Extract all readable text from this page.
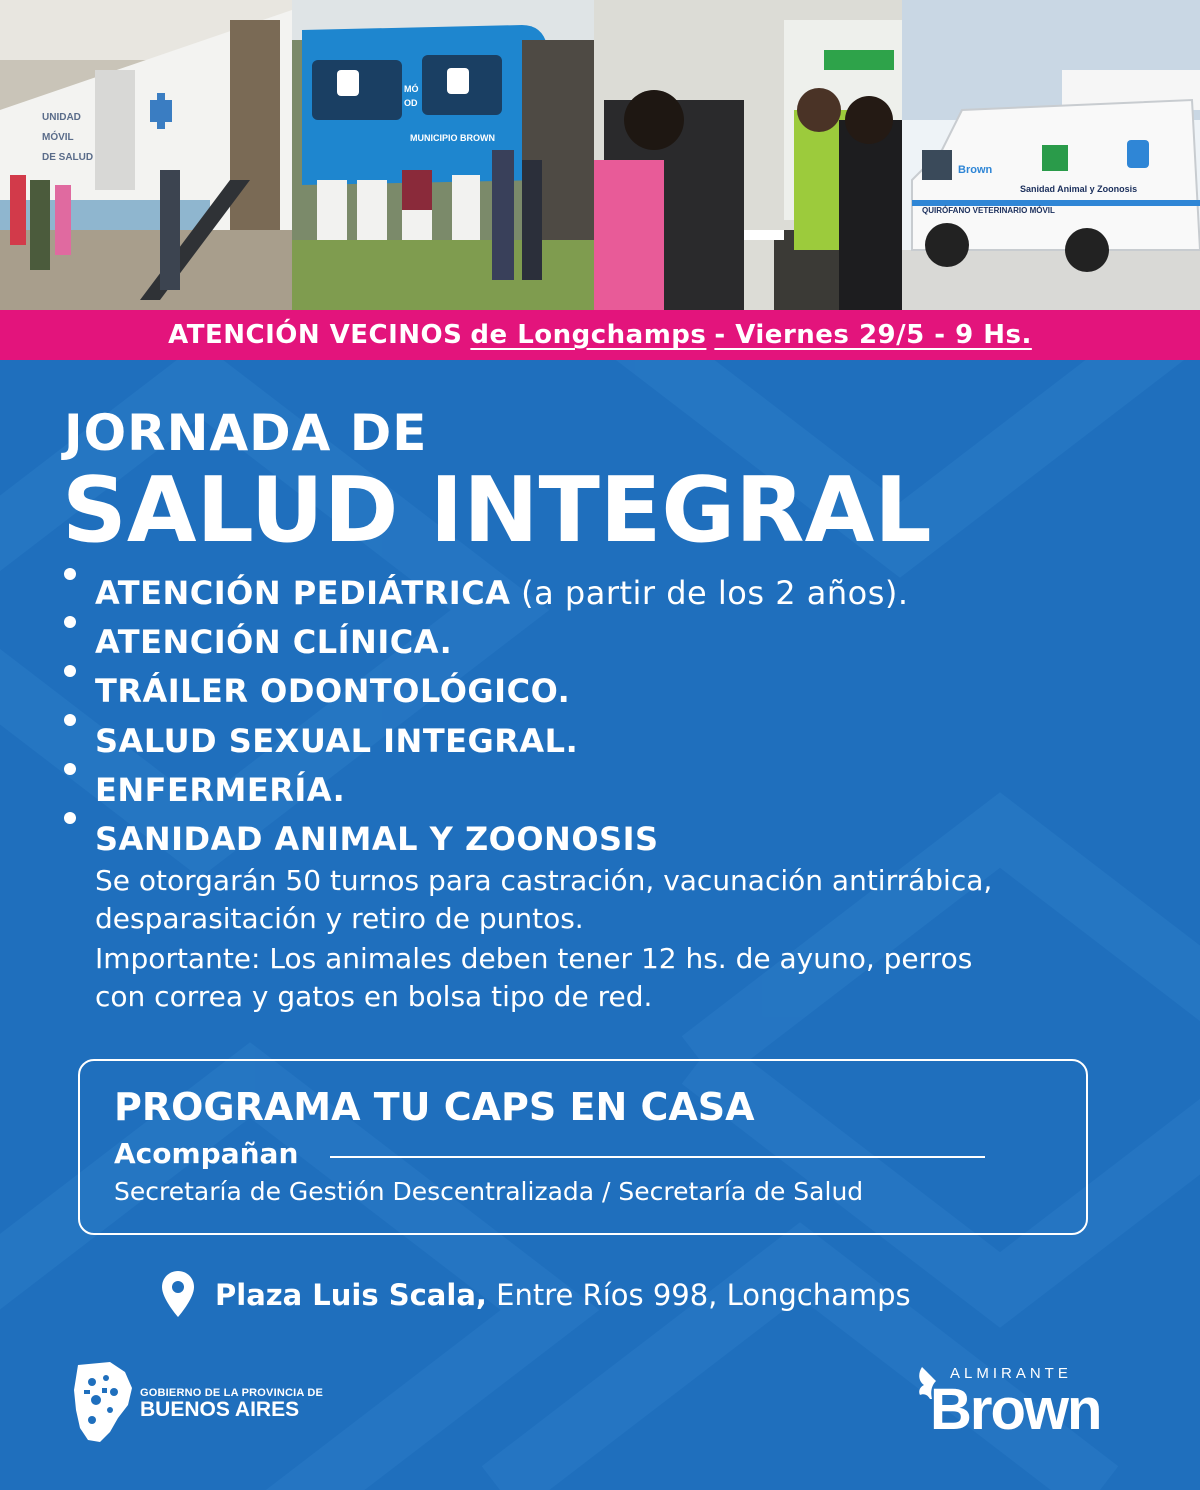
UNIDAD
MÓVIL
DE SALUD
MÓ
OD
MUNICIPIO BROWN
Brown
Sanidad Animal y Zoonosis
QUIRÓFANO VETERINARIO MÓVIL
ATENCIÓN VECINOS de Longchamps - Viernes 29/5 - 9 Hs.
JORNADA DE
SALUD INTEGRAL
ATENCIÓN PEDIÁTRICA (a partir de los 2 años).
ATENCIÓN CLÍNICA.
TRÁILER ODONTOLÓGICO.
SALUD SEXUAL INTEGRAL.
ENFERMERÍA.
SANIDAD ANIMAL Y ZOONOSIS
Se otorgarán 50 turnos para castración, vacunación antirrábica,
desparasitación y retiro de puntos.
Importante: Los animales deben tener 12 hs. de ayuno, perros
con correa y gatos en bolsa tipo de red.
PROGRAMA TU CAPS EN CASA
Acompañan
Secretaría de Gestión Descentralizada / Secretaría de Salud
Plaza Luis Scala, Entre Ríos 998, Longchamps
GOBIERNO DE LA PROVINCIA DE
BUENOS AIRES
ALMIRANTE
Brown
